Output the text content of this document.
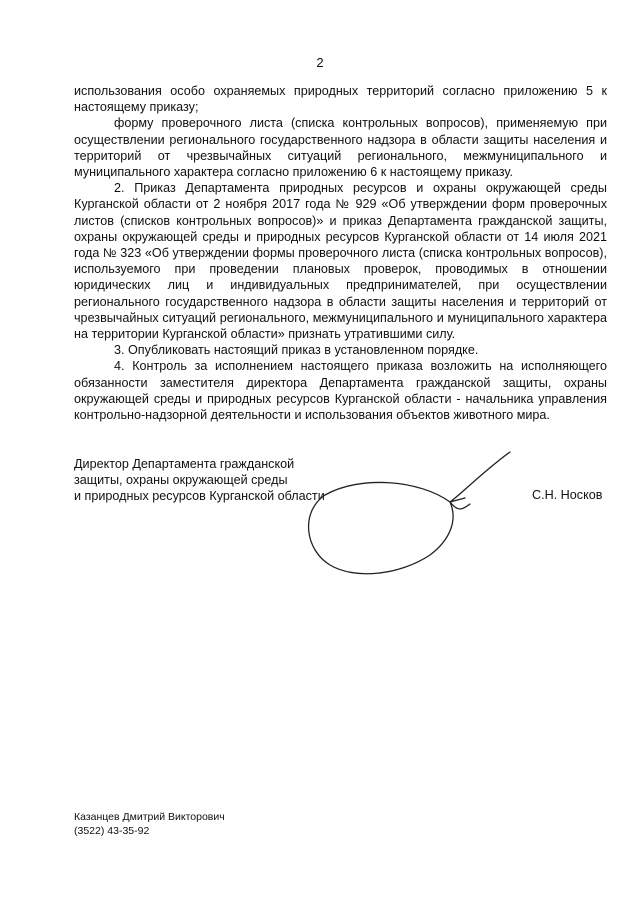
2

использования особо охраняемых природных территорий согласно приложению 5 к настоящему приказу;

форму проверочного листа (списка контрольных вопросов), применяемую при осуществлении регионального государственного надзора в области защиты населения и территорий от чрезвычайных ситуаций регионального, межмуниципального и муниципального характера согласно приложению 6 к настоящему приказу.

2. Приказ Департамента природных ресурсов и охраны окружающей среды Курганской области от 2 ноября 2017 года № 929 «Об утверждении форм проверочных листов (списков контрольных вопросов)» и приказ Департамента гражданской защиты, охраны окружающей среды и природных ресурсов Курганской области от 14 июля 2021 года № 323 «Об утверждении формы проверочного листа (списка контрольных вопросов), используемого при проведении плановых проверок, проводимых в отношении юридических лиц и индивидуальных предпринимателей, при осуществлении регионального государственного надзора в области защиты населения и территорий от чрезвычайных ситуаций регионального, межмуниципального и муниципального характера на территории Курганской области» признать утратившими силу.

3. Опубликовать настоящий приказ в установленном порядке.

4. Контроль за исполнением настоящего приказа возложить на исполняющего обязанности заместителя директора Департамента гражданской защиты, охраны окружающей среды и природных ресурсов Курганской области - начальника управления контрольно-надзорной деятельности и использования объектов животного мира.

Директор Департамента гражданской
защиты, охраны окружающей среды
и природных ресурсов Курганской области	С.Н. Носков
Казанцев Дмитрий Викторович
(3522) 43-35-92
